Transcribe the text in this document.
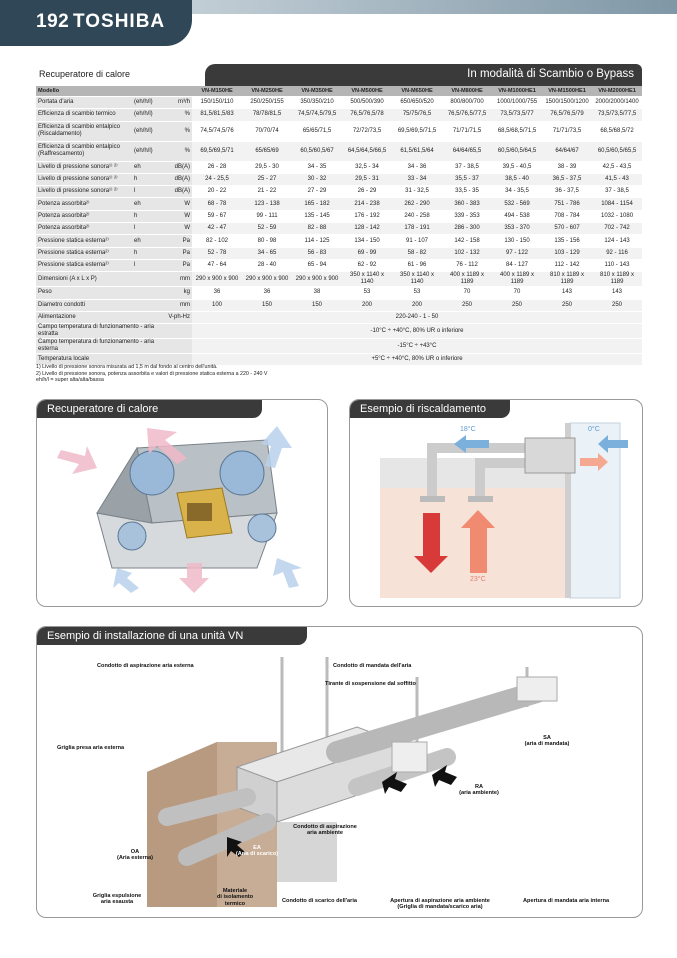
192 TOSHIBA
Recuperatore di calore	In modalità di Scambio o Bypass
Modello			VN-M150HE	VN-M250HE	VN-M350HE	VN-M500HE	VN-M650HE	VN-M800HE	VN-M1000HE1	VN-M1500HE1	VN-M2000HE1
Portata d'aria	(eh/h/l)	m³/h	150/150/110	250/250/155	350/350/210	500/500/390	650/650/520	800/800/700	1000/1000/755	1500/1500/1200	2000/2000/1400
Efficienza di scambio termico	(eh/h/l)	%	81,5/81,5/83	78/78/81,5	74,5/74,5/79,5	76,5/76,5/78	75/75/76,5	76,5/76,5/77,5	73,5/73,5/77	76,5/76,5/79	73,5/73,5/77,5
Efficienza di scambio entalpico (Riscaldamento)	(eh/h/l)	%	74,5/74,5/76	70/70/74	65/65/71,5	72/72/73,5	69,5/69,5/71,5	71/71/71,5	68,5/68,5/71,5	71/71/73,5	68,5/68,5/72
Efficienza di scambio entalpico (Raffrescamento)	(eh/h/l)	%	69,5/69,5/71	65/65/69	60,5/60,5/67	64,5/64,5/66,5	61,5/61,5/64	64/64/65,5	60,5/60,5/64,5	64/64/67	60,5/60,5/65,5
Livello di pressione sonora¹⁾ ²⁾	eh	dB(A)	26 - 28	29,5 - 30	34 - 35	32,5 - 34	34 - 36	37 - 38,5	39,5 - 40,5	38 - 39	42,5 - 43,5
Livello di pressione sonora¹⁾ ²⁾	h	dB(A)	24 - 25,5	25 - 27	30 - 32	29,5 - 31	33 - 34	35,5 - 37	38,5 - 40	36,5 - 37,5	41,5 - 43
Livello di pressione sonora¹⁾ ²⁾	l	dB(A)	20 - 22	21 - 22	27 - 29	26 - 29	31 - 32,5	33,5 - 35	34 - 35,5	36 - 37,5	37 - 38,5
Potenza assorbita²⁾	eh	W	68 - 78	123 - 138	165 - 182	214 - 238	262 - 290	360 - 383	532 - 569	751 - 786	1084 - 1154
Potenza assorbita²⁾	h	W	59 - 67	99 - 111	135 - 145	176 - 192	240 - 258	339 - 353	494 - 538	708 - 784	1032 - 1080
Potenza assorbita²⁾	l	W	42 - 47	52 - 59	82 - 88	128 - 142	178 - 191	286 - 300	353 - 370	570 - 607	702 - 742
Pressione statica esterna²⁾	eh	Pa	82 - 102	80 - 98	114 - 125	134 - 150	91 - 107	142 - 158	130 - 150	135 - 156	124 - 143
Pressione statica esterna²⁾	h	Pa	52 - 78	34 - 65	56 - 83	69 - 99	58 - 82	102 - 132	97 - 122	103 - 129	92 - 116
Pressione statica esterna²⁾	l	Pa	47 - 64	28 - 40	65 - 94	62 - 92	61 - 96	76 - 112	84 - 127	112 - 142	110 - 143
Dimensioni (A x L x P)		mm	290 x 900 x 900	290 x 900 x 900	290 x 900 x 900	350 x 1140 x 1140	350 x 1140 x 1140	400 x 1189 x 1189	400 x 1189 x 1189	810 x 1189 x 1189	810 x 1189 x 1189
Peso		kg	36	36	38	53	53	70	70	143	143
Diametro condotti		mm	100	150	150	200	200	250	250	250	250
Alimentazione		V-ph-Hz	220-240 - 1 - 50								
Campo temperatura di funzionamento - aria estratta			-10°C ÷ +40°C, 80% UR o inferiore								
Campo temperatura di funzionamento - aria esterna			-15°C ÷ +43°C								
Temperatura locale			+5°C ÷ +40°C, 80% UR o inferiore								
1) Livello di pressione sonora misurata ad 1,5 m dal fondo al centro dell'unità.
2) Livello di pressione sonora, potenza assorbita e valori di pressione statica esterna a 220 - 240 V
eh/h/l = super alta/alta/bassa
Recuperatore di calore	Esempio di riscaldamento
18°C	0°C
23°C
Esempio di installazione di una unità VN
Condotto di aspirazione aria esterna	Condotto di mandata dell'aria
Tirante di sospensione dal soffitto
Griglia presa aria esterna
SA
(aria di mandata)
RA
(aria ambiente)
Condotto di aspirazione
aria ambiente
OA
(Aria esterna)
EA
(Aria di scarico)
Griglia espulsione
aria esausta
Materiale
di isolamento
termico	Condotto di scarico dell'aria	Apertura di aspirazione aria ambiente
(Griglia di mandata/scarico aria)
Apertura di mandata aria interna
